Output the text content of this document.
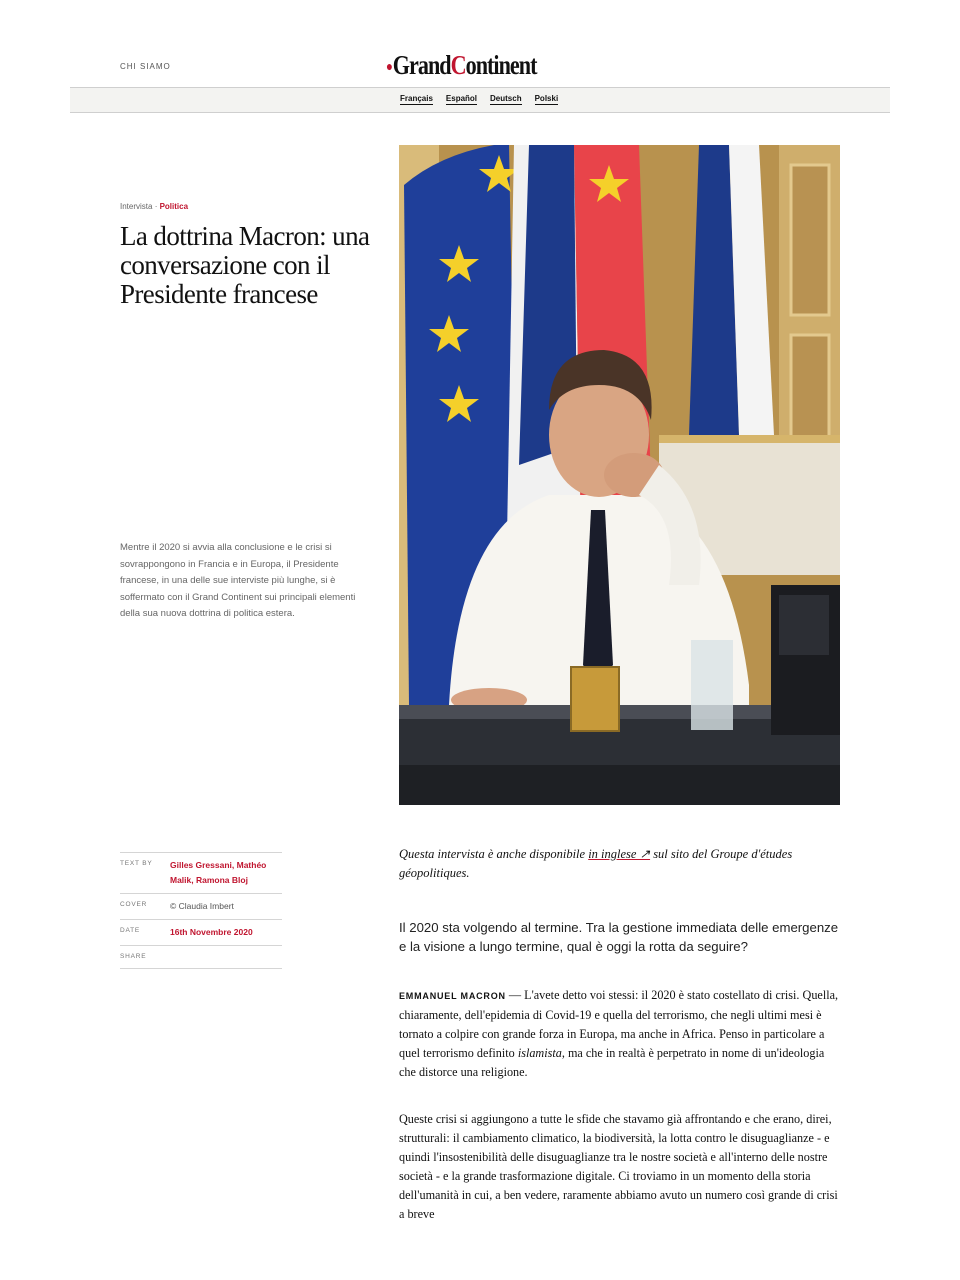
CHI SIAMO	●GrandContinent
Français Español Deutsch Polski
Intervista · Politica
La dottrina Macron: una conversazione con il Presidente francese

Mentre il 2020 si avvia alla conclusione e le crisi si sovrappongono in Francia e in Europa, il Presidente francese, in una delle sue interviste più lunghe, si è soffermato con il Grand Continent sui principali elementi della sua nuova dottrina di politica estera.

TEXT BY	Gilles Gressani, Mathéo Malik, Ramona Bloj
COVER	© Claudia Imbert
DATE	16th Novembre 2020
SHARE

Questa intervista è anche disponibile in inglese ↗ sul sito del Groupe d'études géopolitiques.

Il 2020 sta volgendo al termine. Tra la gestione immediata delle emergenze e la visione a lungo termine, qual è oggi la rotta da seguire?

EMMANUEL MACRON — L'avete detto voi stessi: il 2020 è stato costellato di crisi. Quella, chiaramente, dell'epidemia di Covid-19 e quella del terrorismo, che negli ultimi mesi è tornato a colpire con grande forza in Europa, ma anche in Africa. Penso in particolare a quel terrorismo definito islamista, ma che in realtà è perpetrato in nome di un'ideologia che distorce una religione.

Queste crisi si aggiungono a tutte le sfide che stavamo già affrontando e che erano, direi, strutturali: il cambiamento climatico, la biodiversità, la lotta contro le disuguaglianze - e quindi l'insostenibilità delle disuguaglianze tra le nostre società e all'interno delle nostre società - e la grande trasformazione digitale. Ci troviamo in un momento della storia dell'umanità in cui, a ben vedere, raramente abbiamo avuto un numero così grande di crisi a breve
